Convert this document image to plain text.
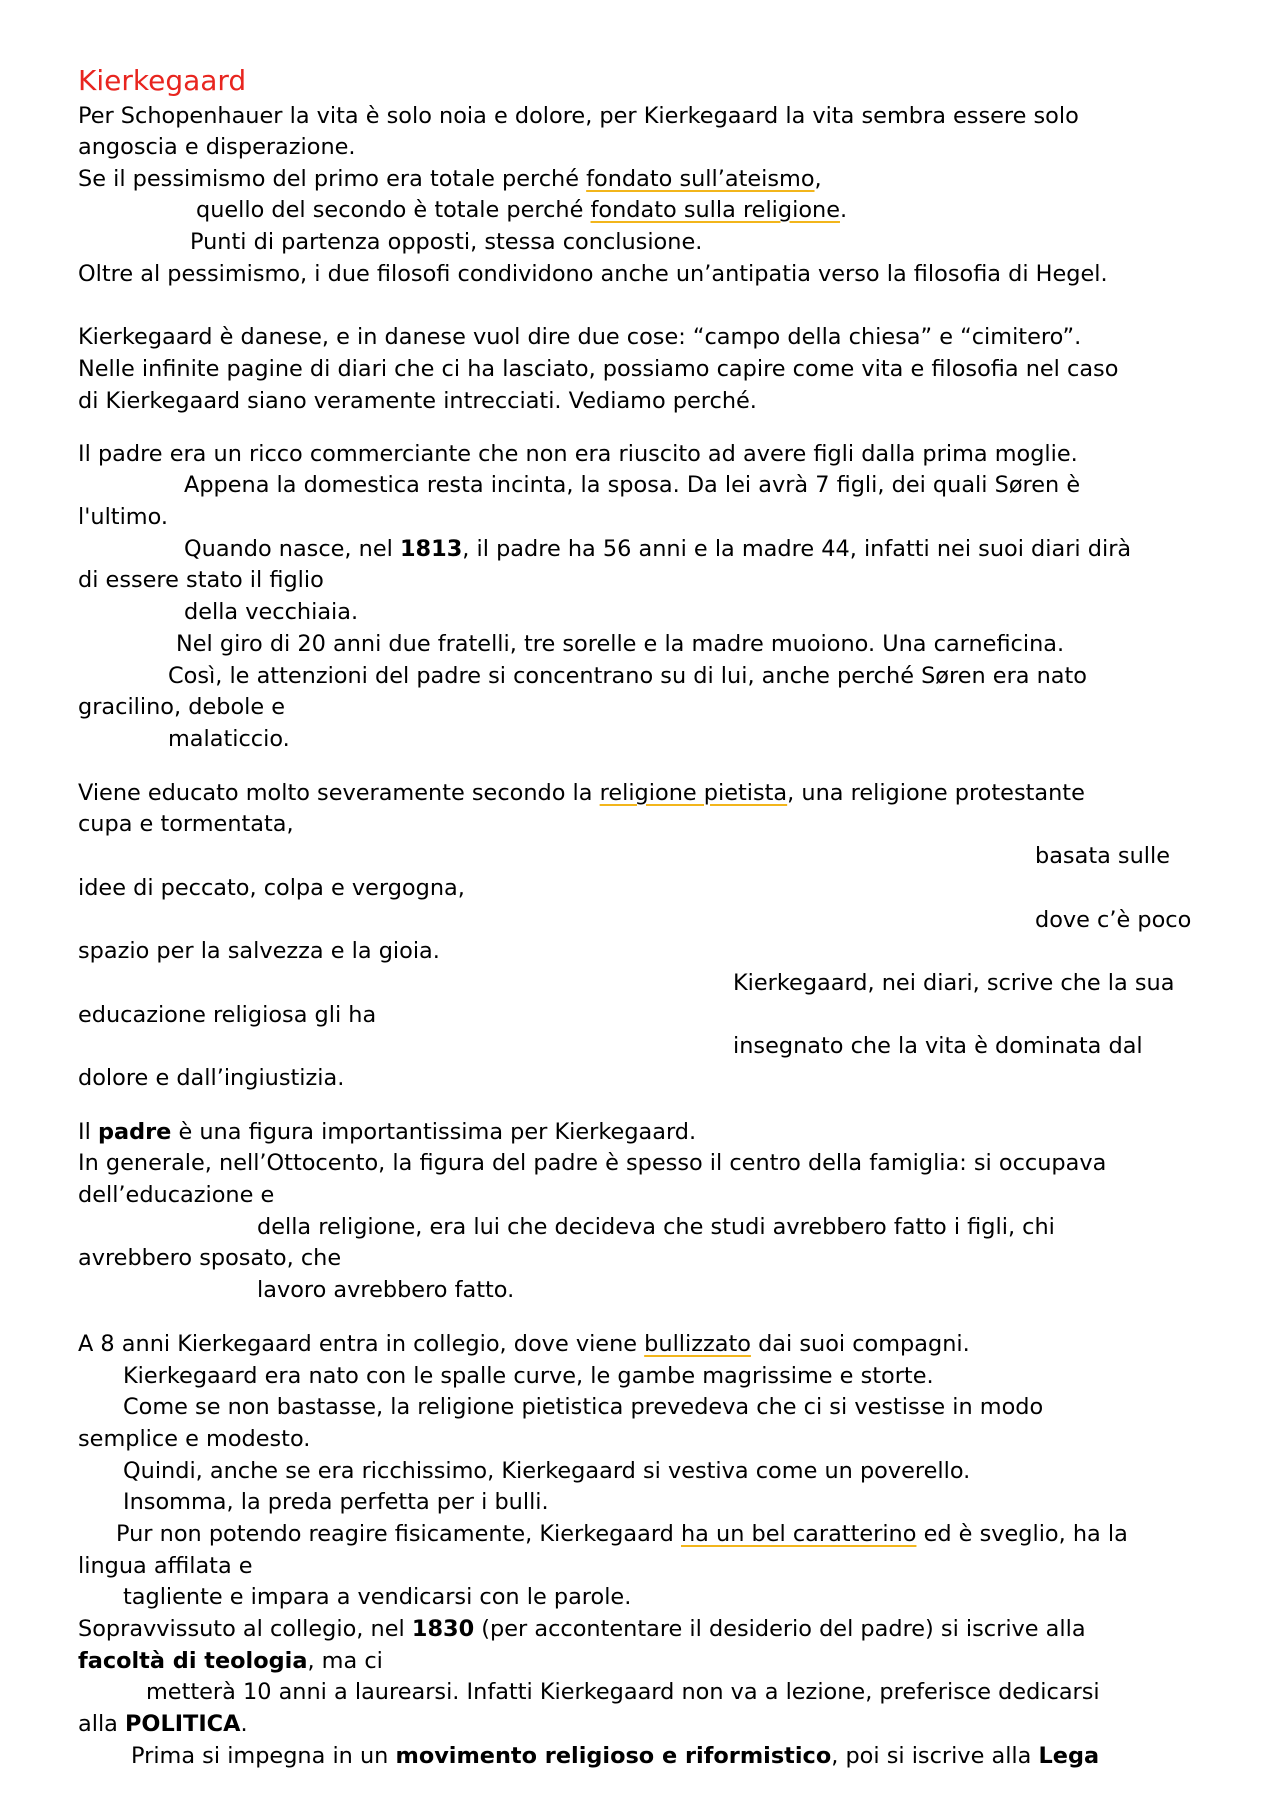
Kierkegaard
Per Schopenhauer la vita è solo noia e dolore, per Kierkegaard la vita sembra essere solo
angoscia e disperazione.
Se il pessimismo del primo era totale perché fondato sull’ateismo,
quello del secondo è totale perché fondato sulla religione.
Punti di partenza opposti, stessa conclusione.
Oltre al pessimismo, i due filosofi condividono anche un’antipatia verso la filosofia di Hegel.
Kierkegaard è danese, e in danese vuol dire due cose: “campo della chiesa” e “cimitero”.
Nelle infinite pagine di diari che ci ha lasciato, possiamo capire come vita e filosofia nel caso
di Kierkegaard siano veramente intrecciati. Vediamo perché.
Il padre era un ricco commerciante che non era riuscito ad avere figli dalla prima moglie.
Appena la domestica resta incinta, la sposa. Da lei avrà 7 figli, dei quali Søren è
l'ultimo.
Quando nasce, nel 1813, il padre ha 56 anni e la madre 44, infatti nei suoi diari dirà
di essere stato il figlio
della vecchiaia.
Nel giro di 20 anni due fratelli, tre sorelle e la madre muoiono. Una carneficina.
Così, le attenzioni del padre si concentrano su di lui, anche perché Søren era nato
gracilino, debole e
malaticcio.
Viene educato molto severamente secondo la religione pietista, una religione protestante
cupa e tormentata,
basata sulle
idee di peccato, colpa e vergogna,
dove c’è poco
spazio per la salvezza e la gioia.
Kierkegaard, nei diari, scrive che la sua
educazione religiosa gli ha
insegnato che la vita è dominata dal
dolore e dall’ingiustizia.
Il padre è una figura importantissima per Kierkegaard.
In generale, nell’Ottocento, la figura del padre è spesso il centro della famiglia: si occupava
dell’educazione e
della religione, era lui che decideva che studi avrebbero fatto i figli, chi
avrebbero sposato, che
lavoro avrebbero fatto.
A 8 anni Kierkegaard entra in collegio, dove viene bullizzato dai suoi compagni.
Kierkegaard era nato con le spalle curve, le gambe magrissime e storte.
Come se non bastasse, la religione pietistica prevedeva che ci si vestisse in modo
semplice e modesto.
Quindi, anche se era ricchissimo, Kierkegaard si vestiva come un poverello.
Insomma, la preda perfetta per i bulli.
Pur non potendo reagire fisicamente, Kierkegaard ha un bel caratterino ed è sveglio, ha la
lingua affilata e
tagliente e impara a vendicarsi con le parole.
Sopravvissuto al collegio, nel 1830 (per accontentare il desiderio del padre) si iscrive alla
facoltà di teologia, ma ci
metterà 10 anni a laurearsi. Infatti Kierkegaard non va a lezione, preferisce dedicarsi
alla POLITICA.
Prima si impegna in un movimento religioso e riformistico, poi si iscrive alla Lega
